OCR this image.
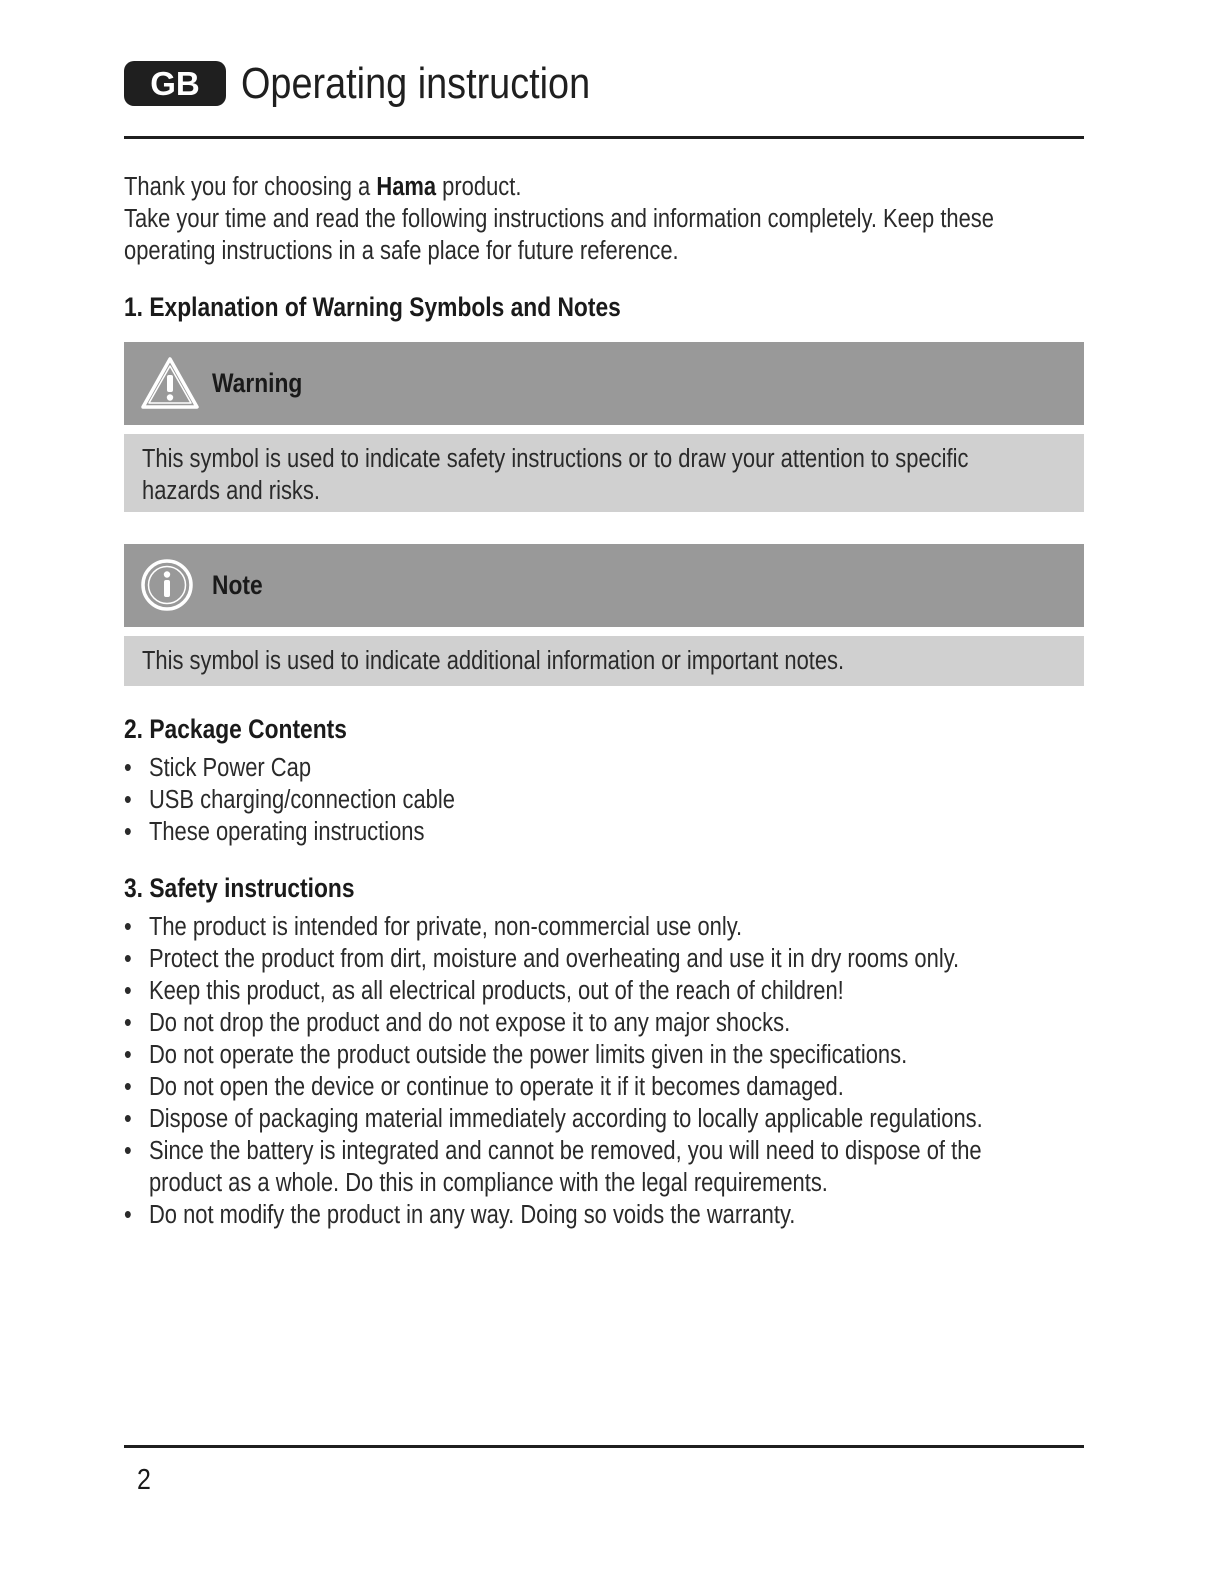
GB Operating instruction
Thank you for choosing a Hama product.
Take your time and read the following instructions and information completely. Keep these
operating instructions in a safe place for future reference.
1. Explanation of Warning Symbols and Notes
Warning
This symbol is used to indicate safety instructions or to draw your attention to specific
hazards and risks.
Note
This symbol is used to indicate additional information or important notes.
2. Package Contents
• Stick Power Cap
• USB charging/connection cable
• These operating instructions
3. Safety instructions
• The product is intended for private, non-commercial use only.
• Protect the product from dirt, moisture and overheating and use it in dry rooms only.
• Keep this product, as all electrical products, out of the reach of children!
• Do not drop the product and do not expose it to any major shocks.
• Do not operate the product outside the power limits given in the specifications.
• Do not open the device or continue to operate it if it becomes damaged.
• Dispose of packaging material immediately according to locally applicable regulations.
• Since the battery is integrated and cannot be removed, you will need to dispose of the
product as a whole. Do this in compliance with the legal requirements.
• Do not modify the product in any way. Doing so voids the warranty.
2
